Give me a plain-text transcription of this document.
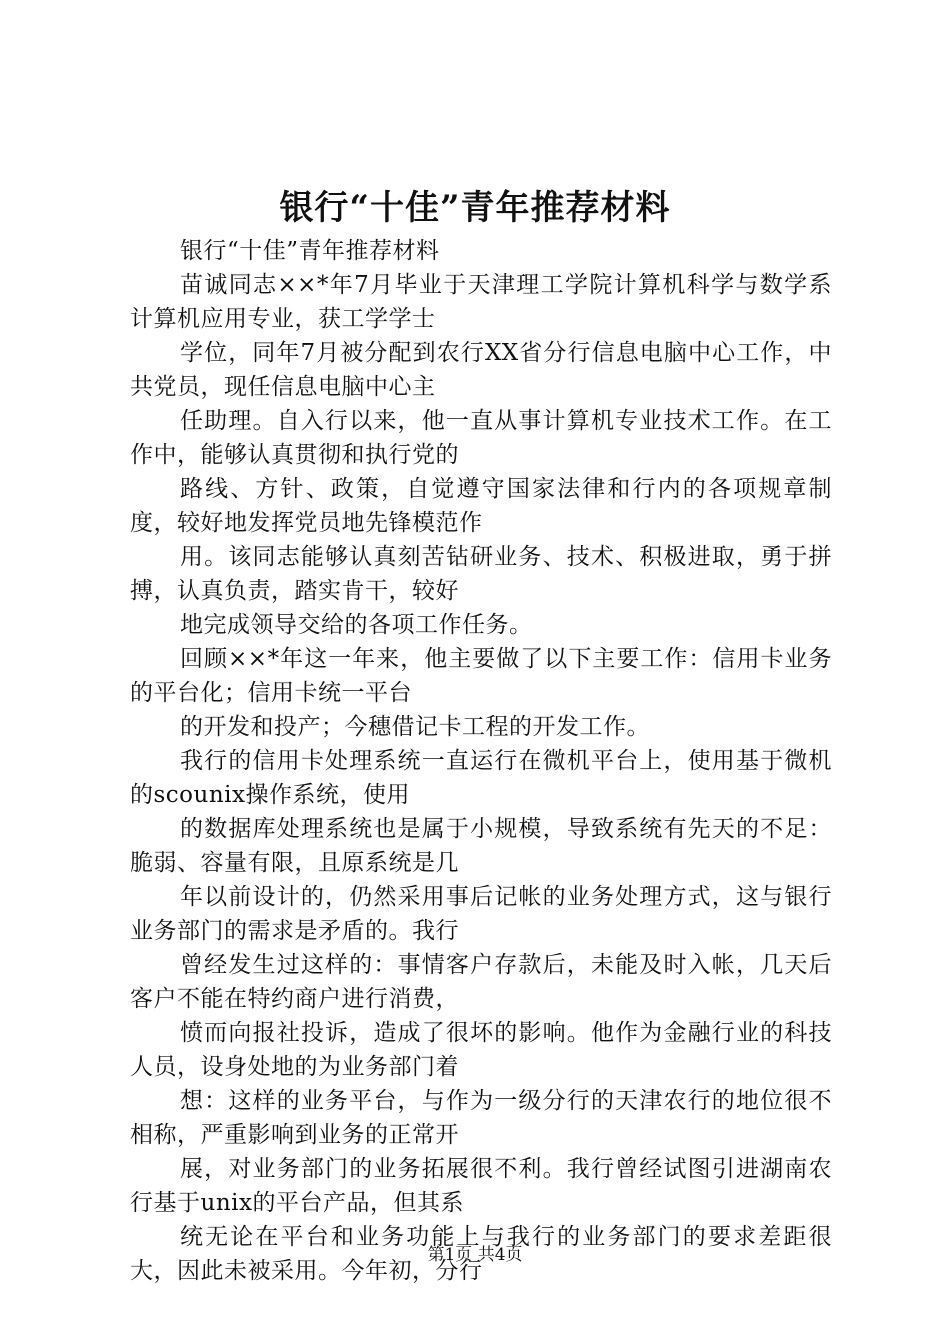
银行“十佳”青年推荐材料

银行“十佳”青年推荐材料

苗诚同志××*年7月毕业于天津理工学院计算机科学与数学系计算机应用专业，获工学学士

学位，同年7月被分配到农行XX省分行信息电脑中心工作，中共党员，现任信息电脑中心主

任助理。自入行以来，他一直从事计算机专业技术工作。在工作中，能够认真贯彻和执行党的

路线、方针、政策，自觉遵守国家法律和行内的各项规章制度，较好地发挥党员地先锋模范作

用。该同志能够认真刻苦钻研业务、技术、积极进取，勇于拼搏，认真负责，踏实肯干，较好

地完成领导交给的各项工作任务。

回顾××*年这一年来，他主要做了以下主要工作：信用卡业务的平台化；信用卡统一平台

的开发和投产；今穗借记卡工程的开发工作。

我行的信用卡处理系统一直运行在微机平台上，使用基于微机的scounix操作系统，使用

的数据库处理系统也是属于小规模，导致系统有先天的不足：脆弱、容量有限，且原系统是几

年以前设计的，仍然采用事后记帐的业务处理方式，这与银行业务部门的需求是矛盾的。我行

曾经发生过这样的：事情客户存款后，未能及时入帐，几天后客户不能在特约商户进行消费，

愤而向报社投诉，造成了很坏的影响。他作为金融行业的科技人员，设身处地的为业务部门着

想：这样的业务平台，与作为一级分行的天津农行的地位很不相称，严重影响到业务的正常开

展，对业务部门的业务拓展很不利。我行曾经试图引进湖南农行基于unix的平台产品，但其系

统无论在平台和业务功能上与我行的业务部门的要求差距很大，因此未被采用。今年初，分行

第1页 共4页
